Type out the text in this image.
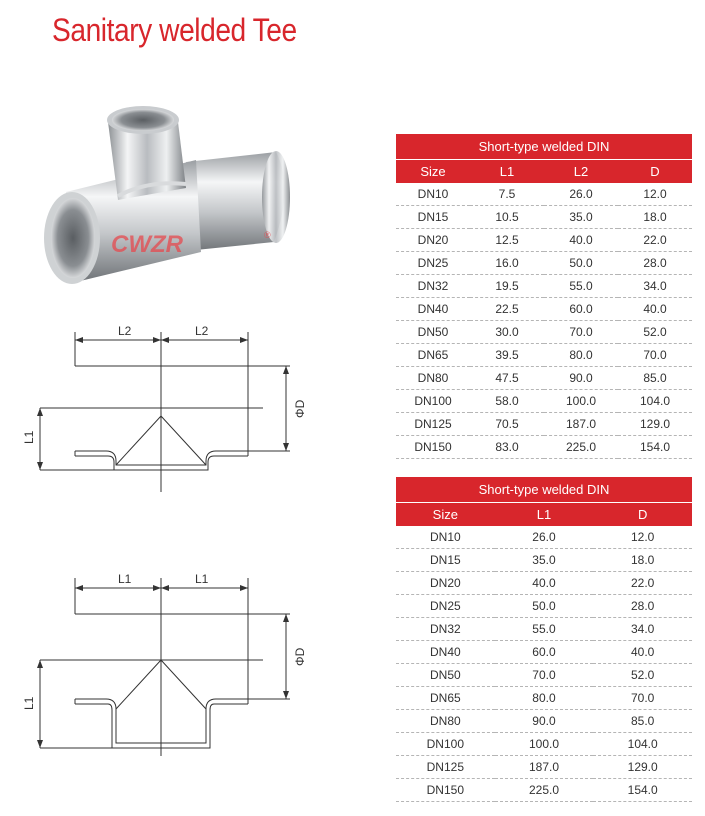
Sanitary welded Tee
CWZR	®
L2	L2
L1
ΦD
L1	L1
L1
ΦD
Short-type welded DIN			
Size	L1	L2	D
DN10	7.5	26.0	12.0
DN15	10.5	35.0	18.0
DN20	12.5	40.0	22.0
DN25	16.0	50.0	28.0
DN32	19.5	55.0	34.0
DN40	22.5	60.0	40.0
DN50	30.0	70.0	52.0
DN65	39.5	80.0	70.0
DN80	47.5	90.0	85.0
DN100	58.0	100.0	104.0
DN125	70.5	187.0	129.0
DN150	83.0	225.0	154.0
Short-type welded DIN		
Size	L1	D
DN10	26.0	12.0
DN15	35.0	18.0
DN20	40.0	22.0
DN25	50.0	28.0
DN32	55.0	34.0
DN40	60.0	40.0
DN50	70.0	52.0
DN65	80.0	70.0
DN80	90.0	85.0
DN100	100.0	104.0
DN125	187.0	129.0
DN150	225.0	154.0
